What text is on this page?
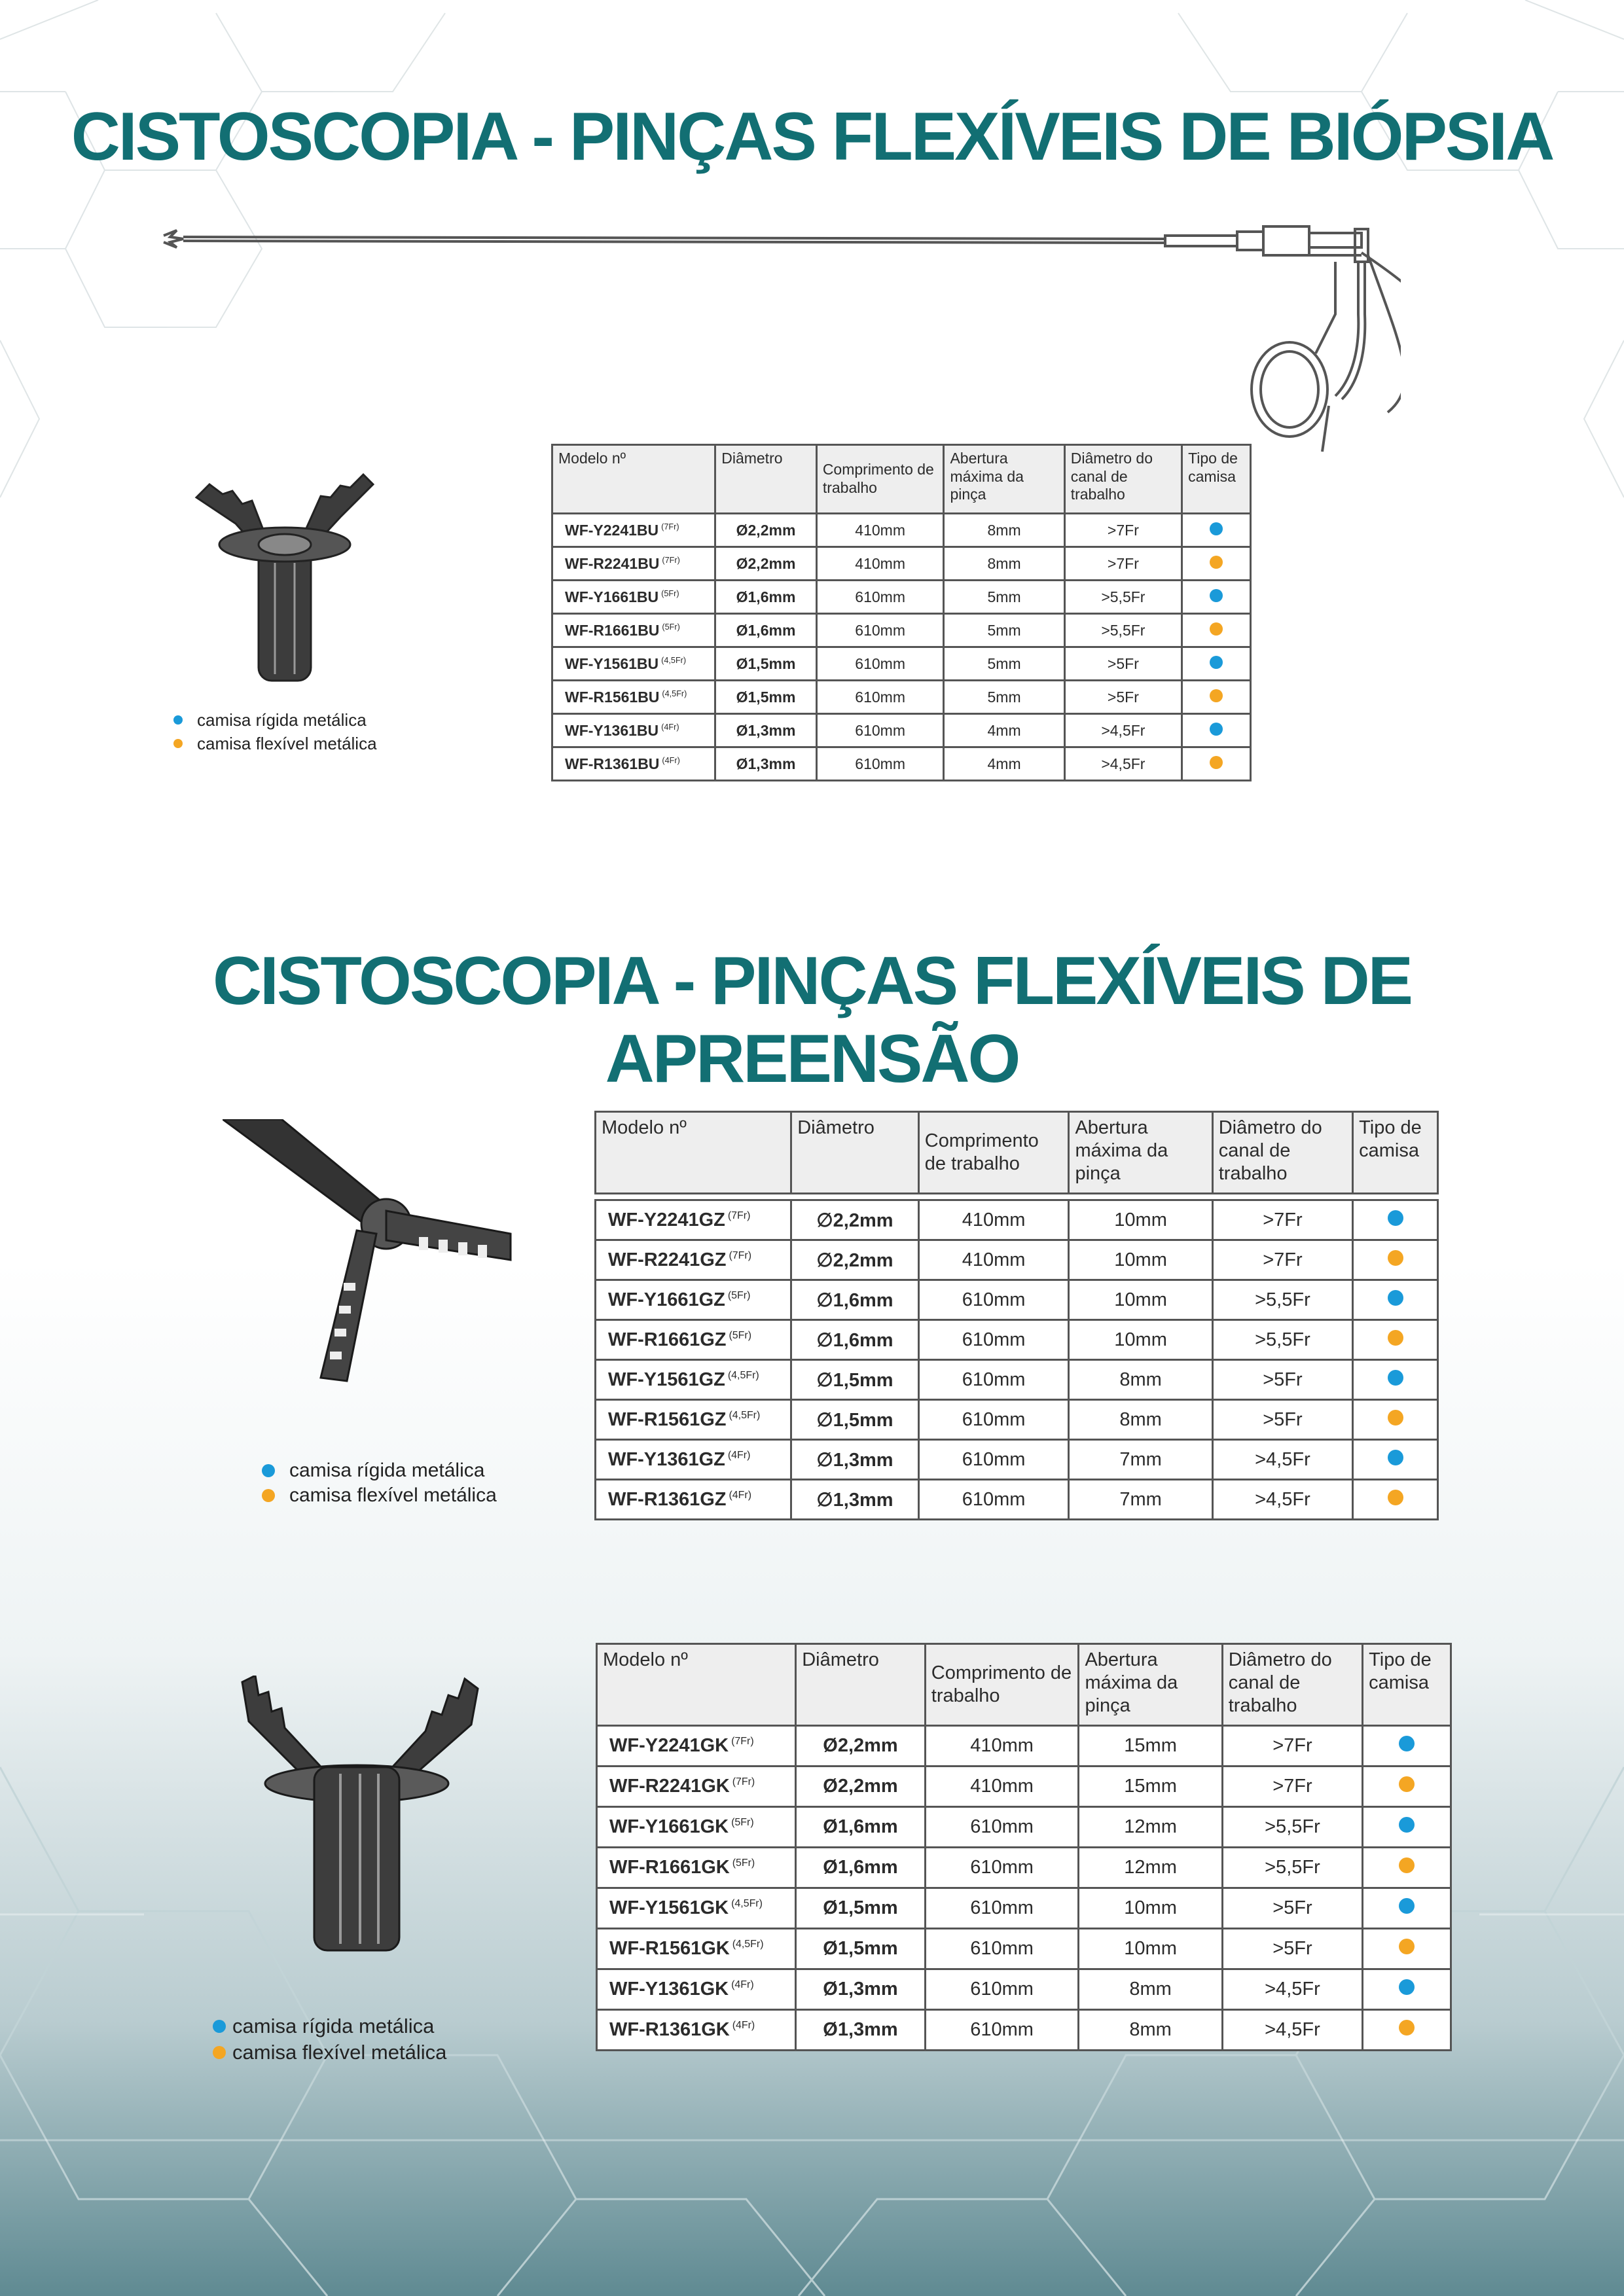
CISTOSCOPIA - PINÇAS FLEXÍVEIS DE BIÓPSIA
camisa rígida metálica
camisa flexível metálica
Modelo nº	Diâmetro	Comprimento de trabalho	Abertura máxima da pinça	Diâmetro do canal de trabalho	Tipo de camisa
WF-Y2241BU $^{(7Fr)}$	Ø2,2mm	410mm	8mm	>7Fr	
WF-R2241BU $^{(7Fr)}$	Ø2,2mm	410mm	8mm	>7Fr	
WF-Y1661BU $^{(5Fr)}$	Ø1,6mm	610mm	5mm	>5,5Fr	
WF-R1661BU $^{(5Fr)}$	Ø1,6mm	610mm	5mm	>5,5Fr	
WF-Y1561BU $^{(4,5Fr)}$	Ø1,5mm	610mm	5mm	>5Fr	
WF-R1561BU $^{(4,5Fr)}$	Ø1,5mm	610mm	5mm	>5Fr	
WF-Y1361BU $^{(4Fr)}$	Ø1,3mm	610mm	4mm	>4,5Fr	
WF-R1361BU $^{(4Fr)}$	Ø1,3mm	610mm	4mm	>4,5Fr	
CISTOSCOPIA - PINÇAS FLEXÍVEIS DE APREENSÃO
camisa rígida metálica
camisa flexível metálica
Modelo nº	Diâmetro	Comprimento de trabalho	Abertura máxima da pinça	Diâmetro do canal de trabalho	Tipo de camisa

WF-Y2241GZ $^{(7Fr)}$	∅2,2mm	410mm	10mm	>7Fr	
WF-R2241GZ $^{(7Fr)}$	∅2,2mm	410mm	10mm	>7Fr	
WF-Y1661GZ $^{(5Fr)}$	∅1,6mm	610mm	10mm	>5,5Fr	
WF-R1661GZ $^{(5Fr)}$	∅1,6mm	610mm	10mm	>5,5Fr	
WF-Y1561GZ $^{(4,5Fr)}$	∅1,5mm	610mm	8mm	>5Fr	
WF-R1561GZ $^{(4,5Fr)}$	∅1,5mm	610mm	8mm	>5Fr	
WF-Y1361GZ $^{(4Fr)}$	∅1,3mm	610mm	7mm	>4,5Fr	
WF-R1361GZ $^{(4Fr)}$	∅1,3mm	610mm	7mm	>4,5Fr	
camisa rígida metálica
camisa flexível metálica
Modelo nº	Diâmetro	Comprimento de trabalho	Abertura máxima da pinça	Diâmetro do canal de trabalho	Tipo de camisa
WF-Y2241GK $^{(7Fr)}$	Ø2,2mm	410mm	15mm	>7Fr	
WF-R2241GK $^{(7Fr)}$	Ø2,2mm	410mm	15mm	>7Fr	
WF-Y1661GK $^{(5Fr)}$	Ø1,6mm	610mm	12mm	>5,5Fr	
WF-R1661GK $^{(5Fr)}$	Ø1,6mm	610mm	12mm	>5,5Fr	
WF-Y1561GK $^{(4,5Fr)}$	Ø1,5mm	610mm	10mm	>5Fr	
WF-R1561GK $^{(4,5Fr)}$	Ø1,5mm	610mm	10mm	>5Fr	
WF-Y1361GK $^{(4Fr)}$	Ø1,3mm	610mm	8mm	>4,5Fr	
WF-R1361GK $^{(4Fr)}$	Ø1,3mm	610mm	8mm	>4,5Fr	
